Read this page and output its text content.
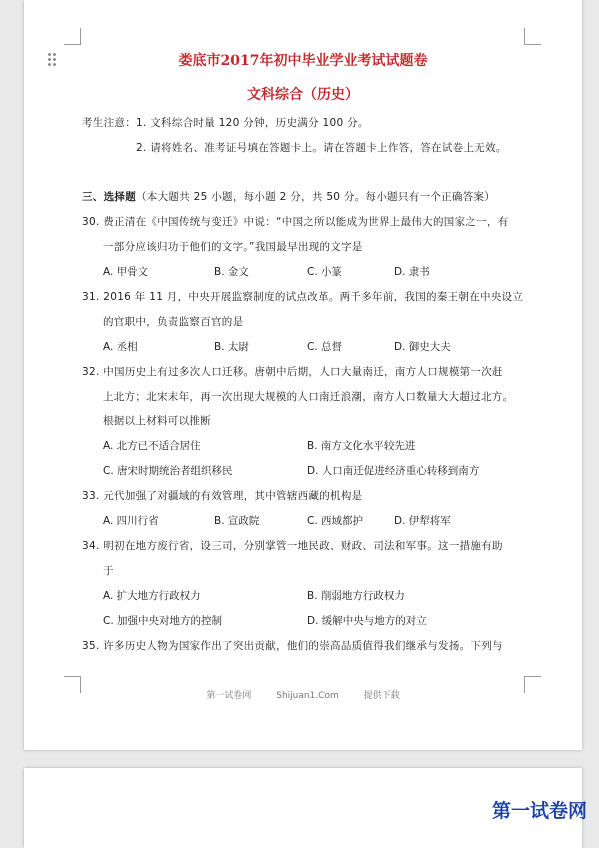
娄底市2017年初中毕业学业考试试题卷
文科综合（历史）
考生注意：1. 文科综合时量 120 分钟，历史满分 100 分。
2. 请将姓名、准考证号填在答题卡上。请在答题卡上作答，答在试卷上无效。
三、选择题（本大题共 25 小题，每小题 2 分，共 50 分。每小题只有一个正确答案）
30. 费正清在《中国传统与变迁》中说：“中国之所以能成为世界上最伟大的国家之一，有
一部分应该归功于他们的文字。”我国最早出现的文字是
A. 甲骨文	B. 金文	C. 小篆	D. 隶书
31. 2016 年 11 月，中央开展监察制度的试点改革。两千多年前，我国的秦王朝在中央设立
的官职中，负责监察百官的是
A. 丞相	B. 太尉	C. 总督	D. 御史大夫
32. 中国历史上有过多次人口迁移。唐朝中后期，人口大量南迁，南方人口规模第一次赶
上北方；北宋末年，再一次出现大规模的人口南迁浪潮，南方人口数量大大超过北方。
根据以上材料可以推断
A. 北方已不适合居住	B. 南方文化水平较先进
C. 唐宋时期统治者组织移民	D. 人口南迁促进经济重心转移到南方
33. 元代加强了对疆域的有效管理，其中管辖西藏的机构是
A. 四川行省	B. 宣政院	C. 西域都护	D. 伊犁将军
34. 明初在地方废行省，设三司，分别掌管一地民政、财政、司法和军事。这一措施有助
于
A. 扩大地方行政权力	B. 削弱地方行政权力
C. 加强中央对地方的控制	D. 缓解中央与地方的对立
35. 许多历史人物为国家作出了突出贡献，他们的崇高品质值得我们继承与发扬。下列与
第一试卷网	Shijuan1.Com	提供下载
第一试卷网
